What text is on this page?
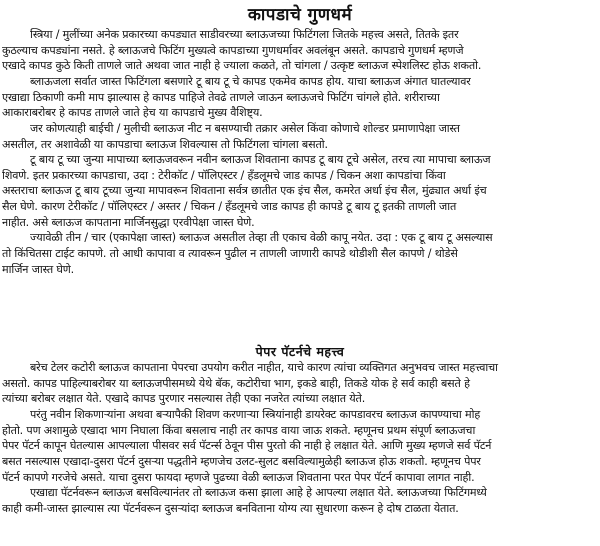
कापडाचे गुणधर्म
स्त्रिया / मुलींच्या अनेक प्रकारच्या कपड्यात साडीवरच्या ब्लाऊजच्या फिटिंगला जितके महत्त्व असते, तितके इतर
कुठल्याच कपड्यांना नसते. हे ब्लाऊजचे फिटिंग मुख्यत्वे कापडाच्या गुणधर्मावर अवलंबून असते. कापडाचे गुणधर्म म्हणजे
एखादे कापड कुठे किती ताणले जाते अथवा जात नाही हे ज्याला कळते, तो चांगला / उत्कृष्ट ब्लाऊज स्पेशलिस्ट होऊ शकतो.
ब्लाऊजला सर्वात जास्त फिटिंगला बसणारे टू बाय टू चे कापड एकमेव कापड होय. याचा ब्लाऊज अंगात घातल्यावर
एखाद्या ठिकाणी कमी माप झाल्यास हे कापड पाहिजे तेवढे ताणले जाऊन ब्लाऊजचे फिटिंग चांगले होते. शरीराच्या
आकाराबरोबर हे कापड ताणले जाते हेच या कापडाचे मुख्य वैशिष्ट्य.
जर कोणत्याही बाईची / मुलीची ब्लाऊज नीट न बसण्याची तक्रार असेल किंवा कोणाचे शोल्डर प्रमाणापेक्षा जास्त
असतील, तर अशावेळी या कापडाचा ब्लाऊज शिवल्यास तो फिटिंगला चांगला बसतो.
टू बाय टू च्या जुन्या मापाच्या ब्लाऊजवरून नवीन ब्लाऊज शिवताना कापड टू बाय टूचे असेल, तरच त्या मापाचा ब्लाऊज
शिवणे. इतर प्रकारच्या कापडाचा, उदा : टेरीकॉट / पॉलिएस्टर / हॅंडलूमचे जाड कापड / चिकन अशा कापडांचा किंवा
अस्तराचा ब्लाऊज टू बाय टूच्या जुन्या मापावरून शिवताना सर्वत्र छातीत एक इंच सैल, कमरेत अर्धा इंच सैल, मुंढ्यात अर्धा इंच
सैल घेणे. कारण टेरीकॉट / पॉलिएस्टर / अस्तर / चिकन / हॅंडलूमचे जाड कापड ही कापडे टू बाय टू इतकी ताणली जात
नाहीत. असे ब्लाऊज कापताना मार्जिनसुद्धा एरवीपेक्षा जास्त घेणे.
ज्यावेळी तीन / चार (एकापेक्षा जास्त) ब्लाऊज असतील तेव्हा ती एकाच वेळी कापू नयेत. उदा : एक टू बाय टू असल्यास
तो किंचितसा टाईट कापणे. तो आधी कापावा व त्यावरून पुढील न ताणली जाणारी कापडे थोडीशी सैल कापणे / थोडेसे
मार्जिन जास्त घेणे.
पेपर पॅटर्नचे महत्त्व
बरेच टेलर कटोरी ब्लाऊज कापताना पेपरचा उपयोग करीत नाहीत, याचे कारण त्यांचा व्यक्तिगत अनुभवच जास्त महत्त्वाचा
असतो. कापड पाहिल्याबरोबर या ब्लाऊजपीसमध्ये येथे बॅक, कटोरीचा भाग, इकडे बाही, तिकडे योक हे सर्व काही बसते हे
त्यांच्या बरोबर लक्षात येते. एखादे कापड पुरणार नसल्यास तेही एका नजरेत त्यांच्या लक्षात येते.
परंतु नवीन शिकणाऱ्यांना अथवा बऱ्यापैकी शिवण करणाऱ्या स्त्रियांनाही डायरेक्ट कापडावरच ब्लाऊज कापण्याचा मोह
होतो. पण अशामुळे एखादा भाग निघाला किंवा बसलाच नाही तर कापड वाया जाऊ शकते. म्हणूनच प्रथम संपूर्ण ब्लाऊजचा
पेपर पॅटर्न कापून घेतल्यास आपल्याला पीसवर सर्व पॅटर्न्स ठेवून पीस पुरतो की नाही हे लक्षात येते. आणि मुख्य म्हणजे सर्व पॅटर्न
बसत नसल्यास एखादा-दुसरा पॅटर्न दुसऱ्या पद्धतीने म्हणजेच उलट-सुलट बसविल्यामुळेही ब्लाऊज होऊ शकतो. म्हणूनच पेपर
पॅटर्न कापणे गरजेचे असते. याचा दुसरा फायदा म्हणजे पुढच्या वेळी ब्लाऊज शिवताना परत पेपर पॅटर्न कापावा लागत नाही.
एखाद्या पॅटर्नवरून ब्लाऊज बसविल्यानंतर तो ब्लाऊज कसा झाला आहे हे आपल्या लक्षात येते. ब्लाऊजच्या फिटिंगमध्ये
काही कमी-जास्त झाल्यास त्या पॅटर्नवरून दुसऱ्यांदा ब्लाऊज बनविताना योग्य त्या सुधारणा करून हे दोष टाळता येतात.
